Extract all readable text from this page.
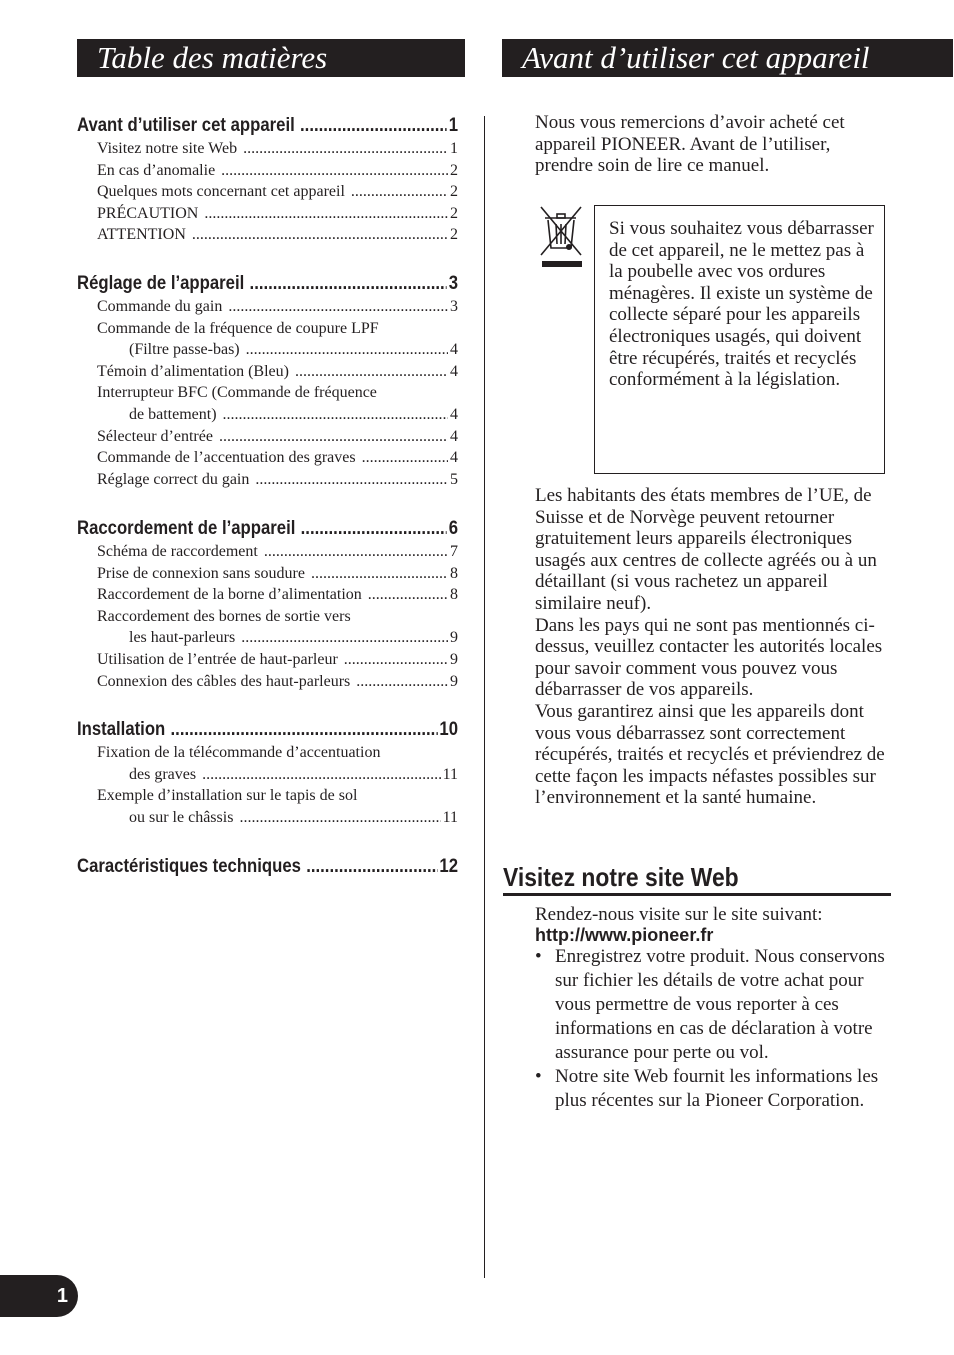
Table des matières	Avant d’utiliser cet appareil
Avant d’utiliser cet appareil .....	1
Visitez notre site Web .....	1
En cas d’anomalie .....	2
Quelques mots concernant cet appareil .....	2
PRÉCAUTION .....	2
ATTENTION .....	2
Réglage de l’appareil .....	3
Commande du gain .....	3
Commande de la fréquence de coupure LPF
(Filtre passe-bas) .....	4
Témoin d’alimentation (Bleu) .....	4
Interrupteur BFC (Commande de fréquence
de battement) .....	4
Sélecteur d’entrée .....	4
Commande de l’accentuation des graves .....	4
Réglage correct du gain .....	5
Raccordement de l’appareil .....	6
Schéma de raccordement .....	7
Prise de connexion sans soudure .....	8
Raccordement de la borne d’alimentation .....	8
Raccordement des bornes de sortie vers
les haut-parleurs .....	9
Utilisation de l’entrée de haut-parleur .....	9
Connexion des câbles des haut-parleurs .....	9
Installation .....	10
Fixation de la télécommande d’accentuation
des graves .....	11
Exemple d’installation sur le tapis de sol
ou sur le châssis .....	11
Caractéristiques techniques .....	12
Nous vous remercions d’avoir acheté cet appareil PIONEER. Avant de l’utiliser, prendre soin de lire ce manuel.
Si vous souhaitez vous débarrasser de cet appareil, ne le mettez pas à la poubelle avec vos ordures ménagères. Il existe un système de collecte séparé pour les appareils électroniques usagés, qui doivent être récupérés, traités et recyclés conformément à la législation.

Les habitants des états membres de l’UE, de Suisse et de Norvège peuvent retourner gratuitement leurs appareils électroniques usagés aux centres de collecte agréés ou à un détaillant (si vous rachetez un appareil similaire neuf).

Dans les pays qui ne sont pas mentionnés ci-dessus, veuillez contacter les autorités locales pour savoir comment vous pouvez vous débarrasser de vos appareils.

Vous garantirez ainsi que les appareils dont vous vous débarrassez sont correctement récupérés, traités et recyclés et préviendrez de cette façon les impacts néfastes possibles sur l’environnement et la santé humaine.

Visitez notre site Web
Rendez-nous visite sur le site suivant:
http://www.pioneer.fr
• Enregistrez votre produit. Nous conservons sur fichier les détails de votre achat pour vous permettre de vous reporter à ces informations en cas de déclaration à votre assurance pour perte ou vol.
• Notre site Web fournit les informations les plus récentes sur la Pioneer Corporation.
1
